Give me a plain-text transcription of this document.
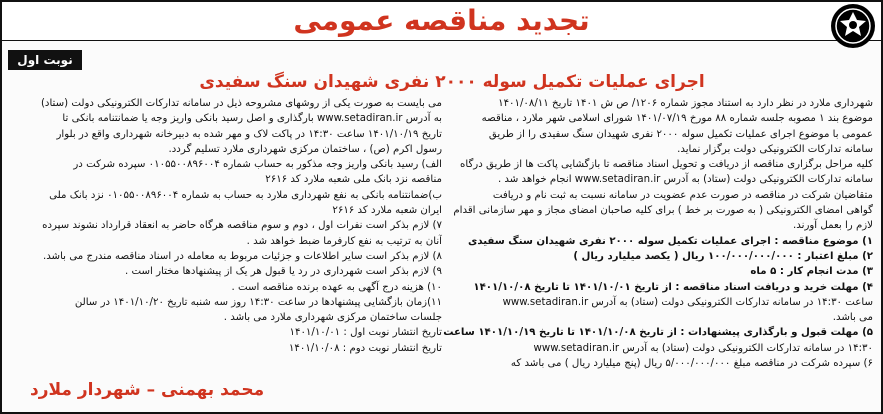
تجدید مناقصه عمومی
نوبت اول
اجرای عملیات تکمیل سوله ۲۰۰۰ نفری شهیدان سنگ سفیدی
شهرداری ملارد در نظر دارد به استناد مجوز شماره ۱۲۰۶/ ص ش ۱۴۰۱ تاریخ ۱۴۰۱/۰۸/۱۱
موضوع بند ۱ مصوبه جلسه شماره ۸۸ مورخ ۱۴۰۱/۰۷/۱۹ شورای اسلامی شهر ملارد ، مناقصه
عمومی با موضوع اجرای عملیات تکمیل سوله ۲۰۰۰ نفری شهیدان سنگ سفیدی را از طریق
سامانه تدارکات الکترونیکی دولت برگزار نماید.
کلیه مراحل برگزاری مناقصه از دریافت و تحویل اسناد مناقصه تا بازگشایی پاکت ها از طریق درگاه
سامانه تدارکات الکترونیکی دولت (ستاد) به آدرس www.setadiran.ir انجام خواهد شد .
متقاضیان شرکت در مناقصه در صورت عدم عضویت در سامانه نسبت به ثبت نام و دریافت
گواهی امضای الکترونیکی ( به صورت بر خط ) برای کلیه صاحبان امضای مجاز و مهر سازمانی اقدام
لازم را بعمل آورند.
۱) موضوع مناقصه : اجرای عملیات تکمیل سوله ۲۰۰۰ نفری شهیدان سنگ سفیدی
۲) مبلغ اعتبار : ۱۰۰/۰۰۰/۰۰۰/۰۰۰ ریال ( یکصد میلیارد ریال )
۳) مدت انجام کار : ۵ ماه
۴) مهلت خرید و دریافت اسناد مناقصه : از تاریخ ۱۴۰۱/۱۰/۰۱ تا تاریخ ۱۴۰۱/۱۰/۰۸
ساعت ۱۴:۳۰ در سامانه تدارکات الکترونیکی دولت (ستاد) به آدرس www.setadiran.ir
می باشد.
۵) مهلت قبول و بارگذاری پیشنهادات : از تاریخ ۱۴۰۱/۱۰/۰۸ تا تاریخ ۱۴۰۱/۱۰/۱۹ ساعت
۱۴:۳۰ در سامانه تدارکات الکترونیکی دولت (ستاد) به آدرس www.setadiran.ir
۶) سپرده شرکت در مناقصه مبلغ ۵/۰۰۰/۰۰۰/۰۰۰ ریال (پنج میلیارد ریال ) می باشد که
می بایست به صورت یکی از روشهای مشروحه ذیل در سامانه تدارکات الکترونیکی دولت (ستاد)
به آدرس www.setadiran.ir بارگذاری و اصل رسید بانکی واریز وجه یا ضمانتنامه بانکی تا
تاریخ ۱۴۰۱/۱۰/۱۹ ساعت ۱۴:۳۰ در پاکت لاک و مهر شده به دبیرخانه شهرداری واقع در بلوار
رسول اکرم (ص) ، ساختمان مرکزی شهرداری ملارد تسلیم گردد.
الف) رسید بانکی واریز وجه مذکور به حساب شماره ۰۱۰۵۵۰۰۸۹۶۰۰۴ سپرده شرکت در
مناقصه نزد بانک ملی شعبه ملارد کد ۲۶۱۶
ب)ضمانتنامه بانکی به نفع شهرداری ملارد به حساب به شماره ۰۱۰۵۵۰۰۸۹۶۰۰۴ نزد بانک ملی
ایران شعبه ملارد کد ۲۶۱۶
۷) لازم بذکر است نفرات اول ، دوم و سوم مناقصه هرگاه حاضر به انعقاد قرارداد نشوند سپرده
آنان به ترتیب به نفع کارفرما ضبط خواهد شد .
۸) لازم بذکر است سایر اطلاعات و جزئیات مربوط به معامله در اسناد مناقصه مندرج می باشد.
۹) لازم بذکر است شهرداری در رد یا قبول هر یک از پیشنهادها مختار است .
۱۰) هزینه درج آگهی به عهده برنده مناقصه است .
۱۱)زمان بازگشایی پیشنهادها در ساعت ۱۴:۳۰ روز سه شنبه تاریخ ۱۴۰۱/۱۰/۲۰ در سالن
جلسات ساختمان مرکزی شهرداری ملارد می باشد .
تاریخ انتشار نوبت اول : ۱۴۰۱/۱۰/۰۱
تاریخ انتشار نوبت دوم : ۱۴۰۱/۱۰/۰۸
محمد بهمنی – شهردار ملارد
